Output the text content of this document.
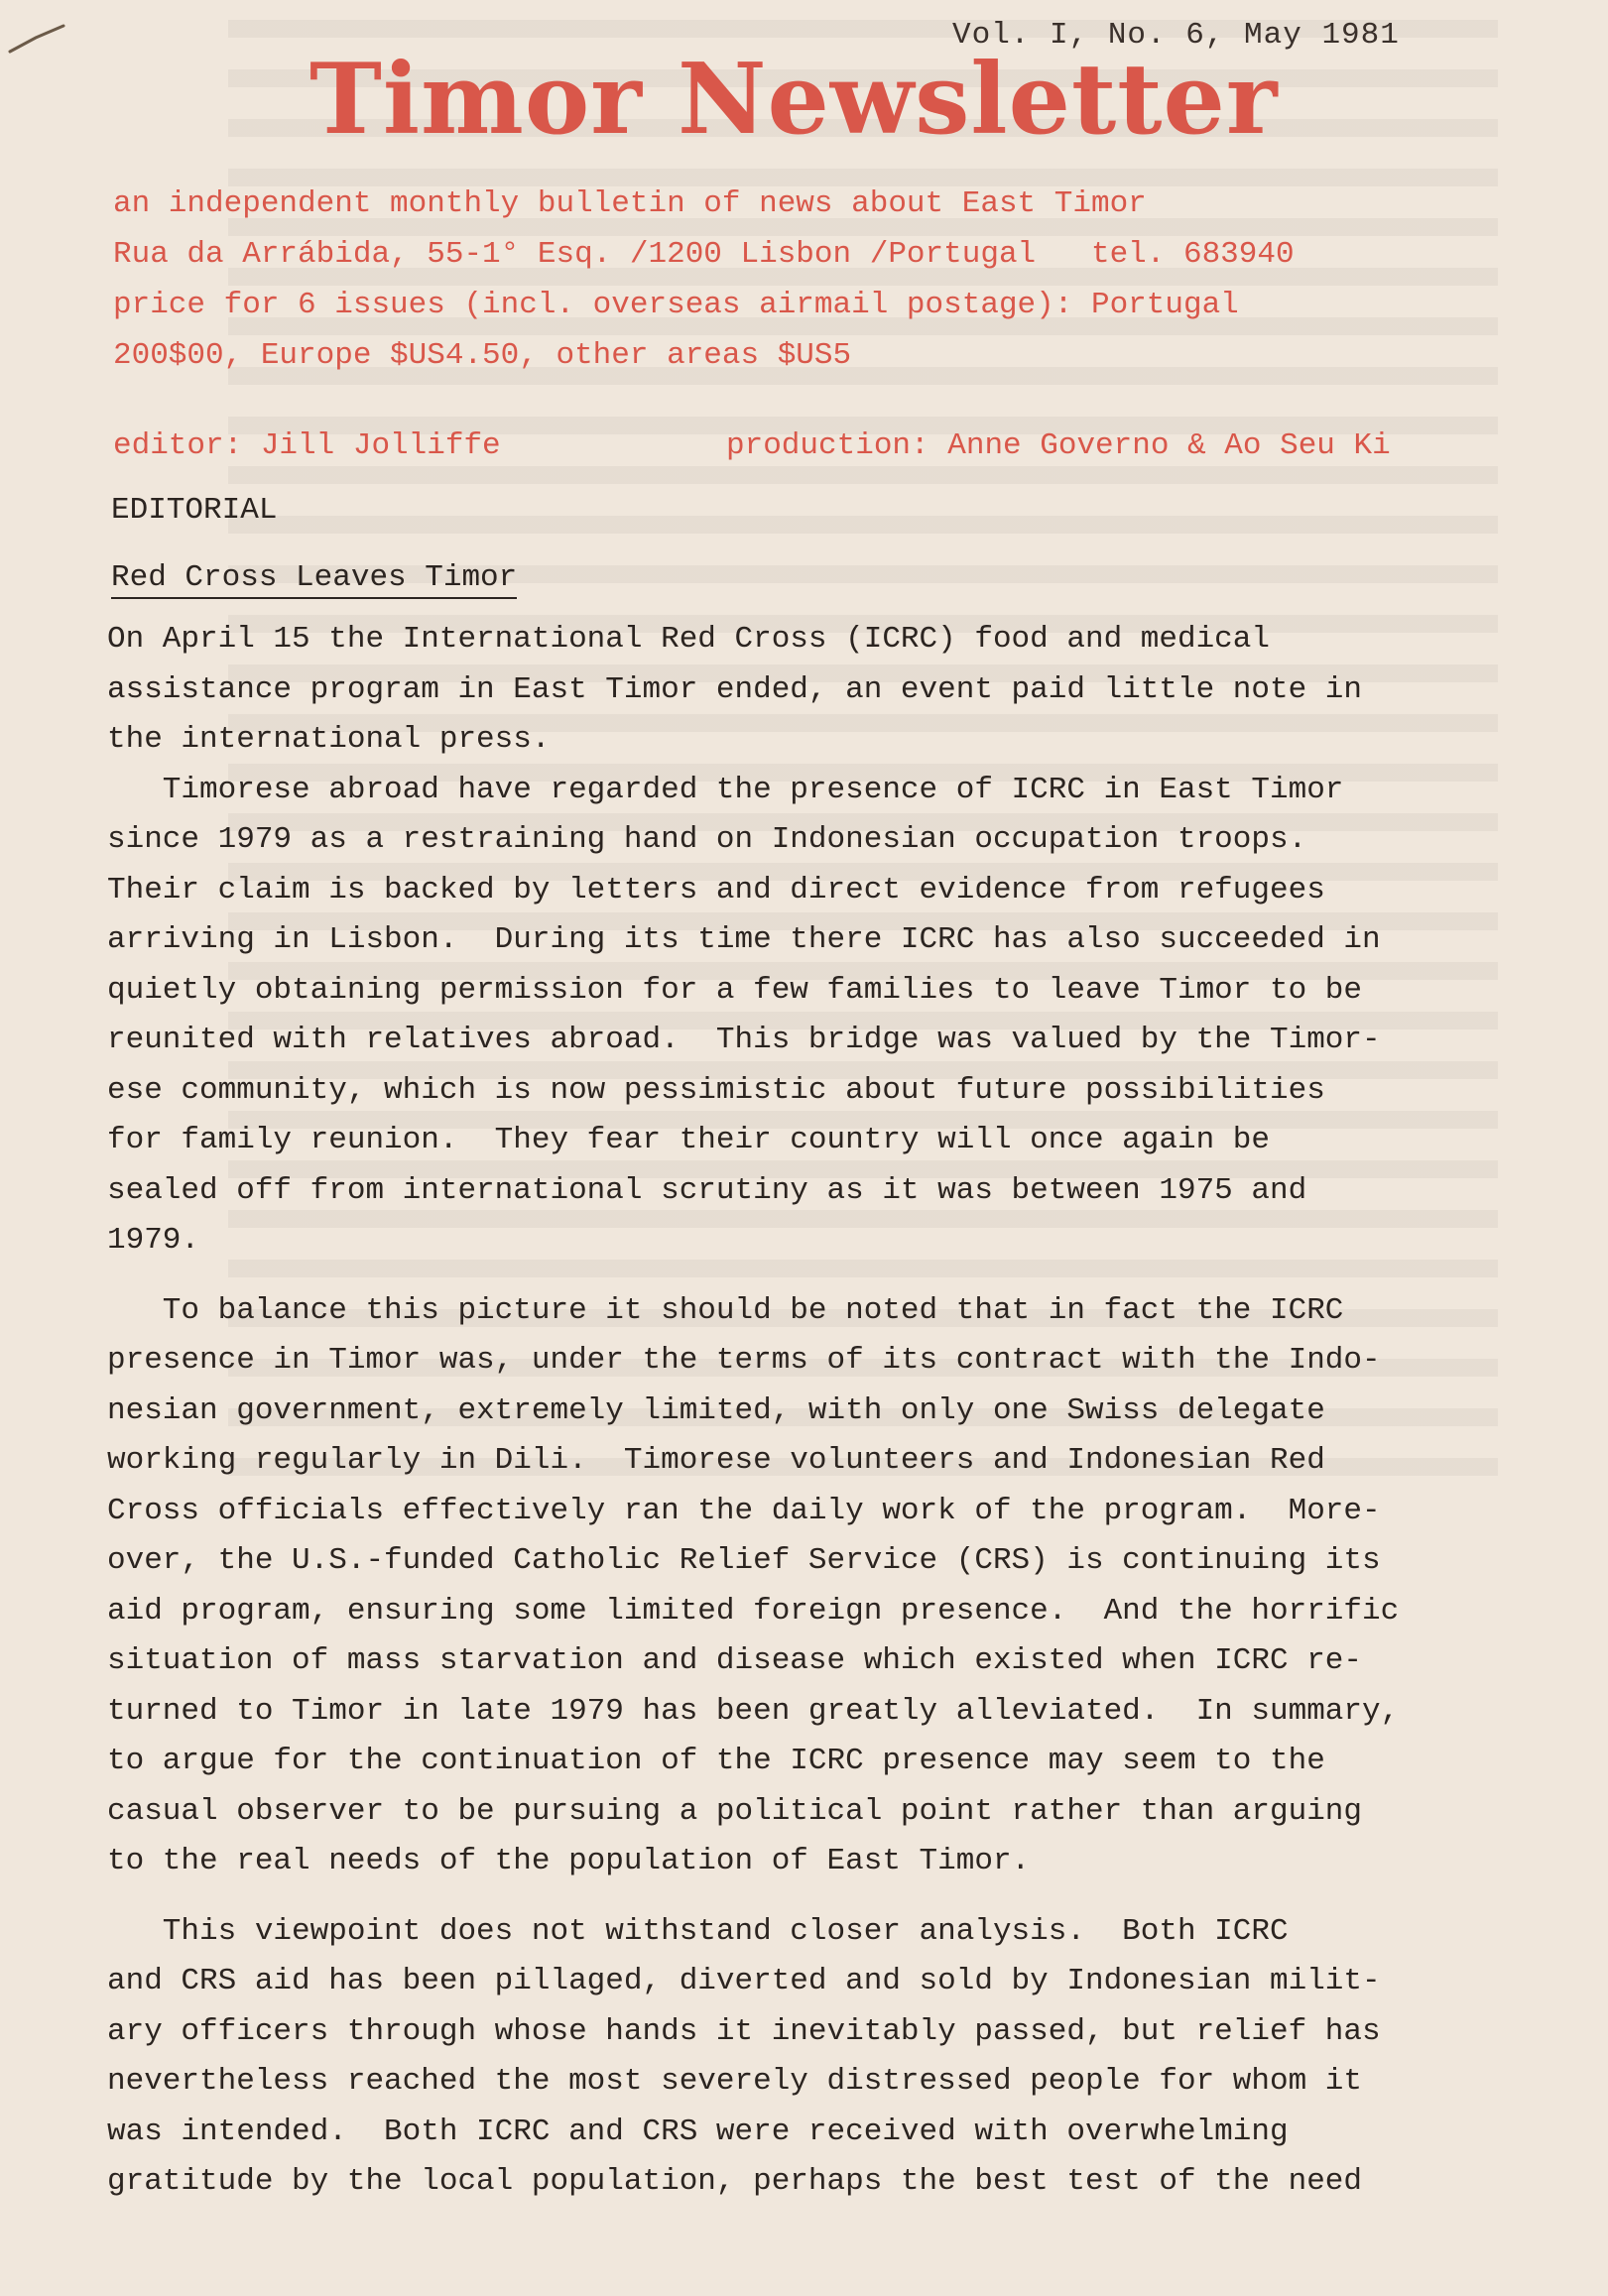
Vol. I, No. 6, May 1981
Timor Newsletter
an independent monthly bulletin of news about East Timor
Rua da Arrábida, 55-1° Esq. /1200 Lisbon /Portugal   tel. 683940
price for 6 issues (incl. overseas airmail postage): Portugal
200$00, Europe $US4.50, other areas $US5
editor: Jill Jolliffe	production: Anne Governo & Ao Seu Ki
EDITORIAL
Red Cross Leaves Timor
On April 15 the International Red Cross (ICRC) food and medical
assistance program in East Timor ended, an event paid little note in
the international press.
Timorese abroad have regarded the presence of ICRC in East Timor
since 1979 as a restraining hand on Indonesian occupation troops.
Their claim is backed by letters and direct evidence from refugees
arriving in Lisbon.  During its time there ICRC has also succeeded in
quietly obtaining permission for a few families to leave Timor to be
reunited with relatives abroad.  This bridge was valued by the Timor-
ese community, which is now pessimistic about future possibilities
for family reunion.  They fear their country will once again be
sealed off from international scrutiny as it was between 1975 and
1979.
To balance this picture it should be noted that in fact the ICRC
presence in Timor was, under the terms of its contract with the Indo-
nesian government, extremely limited, with only one Swiss delegate
working regularly in Dili.  Timorese volunteers and Indonesian Red
Cross officials effectively ran the daily work of the program.  More-
over, the U.S.-funded Catholic Relief Service (CRS) is continuing its
aid program, ensuring some limited foreign presence.  And the horrific
situation of mass starvation and disease which existed when ICRC re-
turned to Timor in late 1979 has been greatly alleviated.  In summary,
to argue for the continuation of the ICRC presence may seem to the
casual observer to be pursuing a political point rather than arguing
to the real needs of the population of East Timor.
This viewpoint does not withstand closer analysis.  Both ICRC
and CRS aid has been pillaged, diverted and sold by Indonesian milit-
ary officers through whose hands it inevitably passed, but relief has
nevertheless reached the most severely distressed people for whom it
was intended.  Both ICRC and CRS were received with overwhelming
gratitude by the local population, perhaps the best test of the need
